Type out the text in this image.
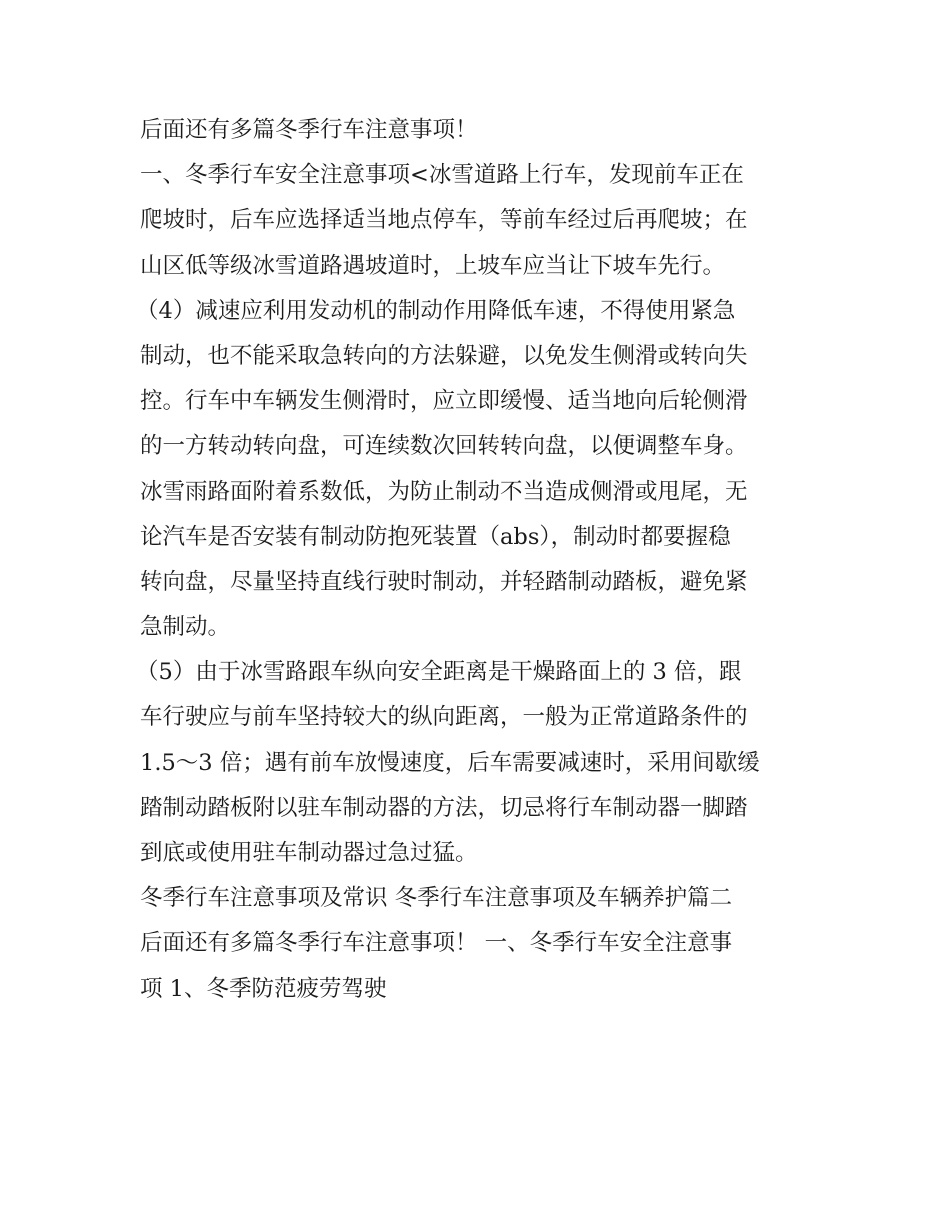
后面还有多篇冬季行车注意事项！
一、冬季行车安全注意事项<冰雪道路上行车，发现前车正在
爬坡时，后车应选择适当地点停车，等前车经过后再爬坡；在
山区低等级冰雪道路遇坡道时，上坡车应当让下坡车先行。
（4）减速应利用发动机的制动作用降低车速，不得使用紧急
制动，也不能采取急转向的方法躲避，以免发生侧滑或转向失
控。行车中车辆发生侧滑时，应立即缓慢、适当地向后轮侧滑
的一方转动转向盘，可连续数次回转转向盘，以便调整车身。
冰雪雨路面附着系数低，为防止制动不当造成侧滑或甩尾，无
论汽车是否安装有制动防抱死装置（abs），制动时都要握稳
转向盘，尽量坚持直线行驶时制动，并轻踏制动踏板，避免紧
急制动。
（5）由于冰雪路跟车纵向安全距离是干燥路面上的 3 倍，跟
车行驶应与前车坚持较大的纵向距离，一般为正常道路条件的
1.5～3 倍；遇有前车放慢速度，后车需要减速时，采用间歇缓
踏制动踏板附以驻车制动器的方法，切忌将行车制动器一脚踏
到底或使用驻车制动器过急过猛。
冬季行车注意事项及常识 冬季行车注意事项及车辆养护篇二
后面还有多篇冬季行车注意事项！ 一、冬季行车安全注意事
项 1、冬季防范疲劳驾驶
